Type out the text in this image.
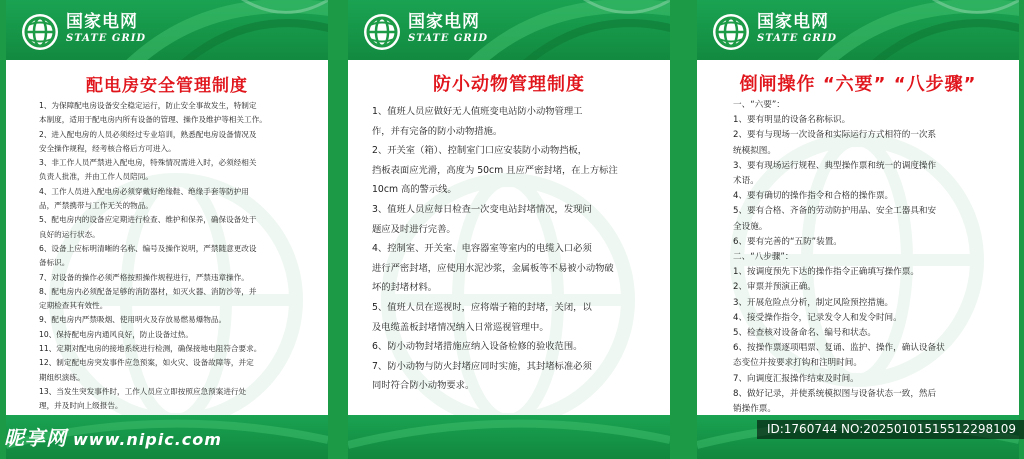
国家电网
STATE GRID
配电房安全管理制度
1、为保障配电房设备安全稳定运行，防止安全事故发生，特制定
本制度，适用于配电房内所有设备的管理、操作及维护等相关工作。
2、进入配电房的人员必须经过专业培训，熟悉配电房设备情况及
安全操作规程，经考核合格后方可进入。
3、非工作人员严禁进入配电房，特殊情况需进入时，必须经相关
负责人批准，并由工作人员陪同。
4、工作人员进入配电房必须穿戴好绝缘鞋、绝缘手套等防护用
品，严禁携带与工作无关的物品。
5、配电房内的设备应定期进行检查、维护和保养，确保设备处于
良好的运行状态。
6、设备上应标明清晰的名称、编号及操作说明，严禁随意更改设
备标识。
7、对设备的操作必须严格按照操作规程进行，严禁违章操作。
8、配电房内必须配备足够的消防器材，如灭火器、消防沙等，并
定期检查其有效性。
9、配电房内严禁吸烟、使用明火及存放易燃易爆物品。
10、保持配电房内通风良好，防止设备过热。
11、定期对配电房的接地系统进行检测，确保接地电阻符合要求。
12、制定配电房突发事件应急预案，如火灾、设备故障等，并定
期组织演练。
13、当发生突发事件时，工作人员应立即按照应急预案进行处
理，并及时向上级报告。
国家电网
STATE GRID
防小动物管理制度
1、值班人员应做好无人值班变电站防小动物管理工
作，并有完备的防小动物措施。
2、开关室（箱）、控制室门口应安装防小动物挡板，
挡板表面应光滑，高度为 50cm 且应严密封堵，在上方标注
10cm 高的警示线。
3、值班人员应每日检查一次变电站封堵情况，发现问
题应及时进行完善。
4、控制室、开关室、电容器室等室内的电缆入口必须
进行严密封堵，应使用水泥沙浆，金属板等不易被小动物破
坏的封堵材料。
5、值班人员在巡视时，应将端子箱的封堵，关闭，以
及电缆盖板封堵情况纳入日常巡视管理中。
6、防小动物封堵措施应纳入设备检修的验收范围。
7、防小动物与防火封堵应同时实施，其封堵标准必须
同时符合防小动物要求。
国家电网
STATE GRID
倒闸操作 “六要” “八步骤”
一、“六要”：
1、要有明显的设备名称标识。
2、要有与现场一次设备和实际运行方式相符的一次系
统模拟图。
3、要有现场运行规程、典型操作票和统一的调度操作
术语。
4、要有确切的操作指令和合格的操作票。
5、要有合格、齐备的劳动防护用品、安全工器具和安
全设施。
6、要有完善的“五防”装置。
二、“八步骤”：
1、按调度预先下达的操作指令正确填写操作票。
2、审票并预演正确。
3、开展危险点分析，制定风险预控措施。
4、接受操作指令，记录发令人和发令时间。
5、检查核对设备命名、编号和状态。
6、按操作票逐项唱票、复诵、监护、操作，确认设备状
态变位并按要求打钩和注明时间。
7、向调度汇报操作结束及时间。
8、做好记录，并使系统模拟图与设备状态一致，然后
销操作票。
昵享网 www.nipic.com
ID:1760744 NO:20250101515512298109
